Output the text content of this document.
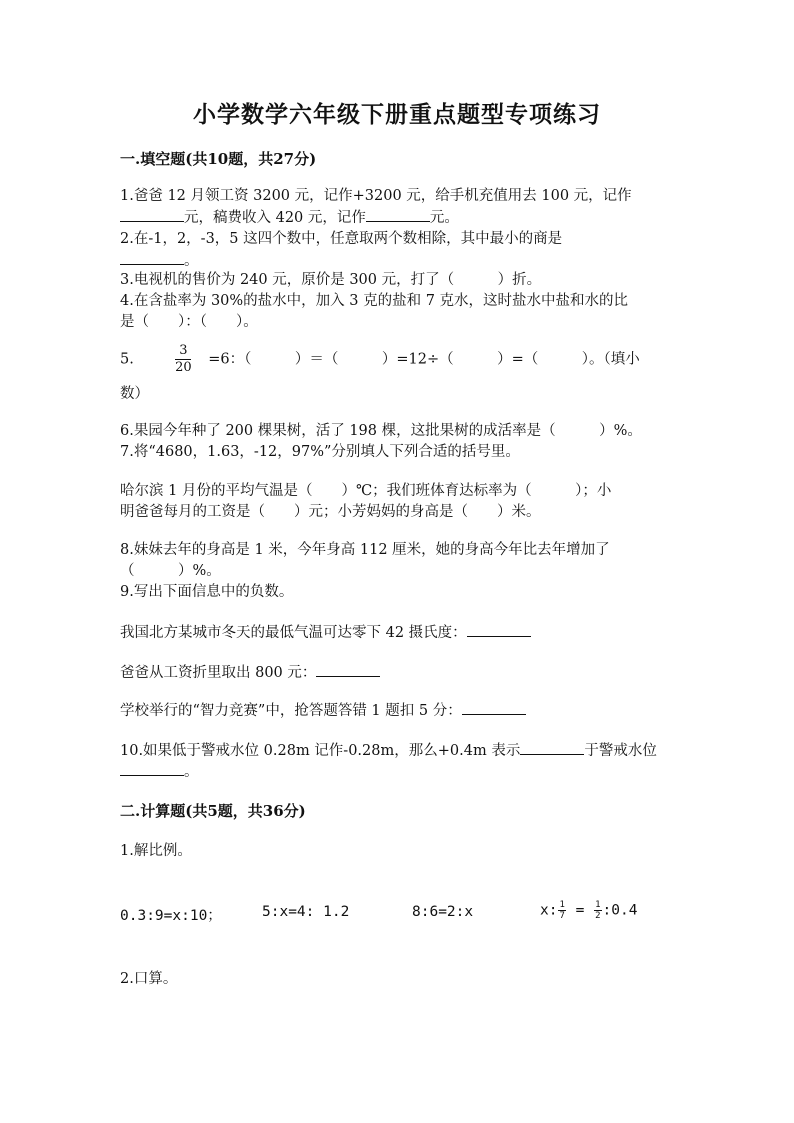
小学数学六年级下册重点题型专项练习
一.填空题(共10题，共27分)
1.爸爸 12 月领工资 3200 元，记作+3200 元，给手机充值用去 100 元，记作
元，稿费收入 420 元，记作	元。
2.在-1，2，-3，5 这四个数中，任意取两个数相除，其中最小的商是
。
3.电视机的售价为 240 元，原价是 300 元，打了（　　　）折。
4.在含盐率为 30%的盐水中，加入 3 克的盐和 7 克水，这时盐水中盐和水的比
是（　　）：（　　）。
5.	$\frac{3}{20} =6$：（　　　）＝（　　　）=12÷（　　　）=（　　　）。（填小
数）
6.果园今年种了 200 棵果树，活了 198 棵，这批果树的成活率是（　　　）%。
7.将“4680，1.63，-12，97%”分别填人下列合适的括号里。
哈尔滨 1 月份的平均气温是（　　）℃；我们班体育达标率为（　　　）；小
明爸爸每月的工资是（　　）元；小芳妈妈的身高是（　　）米。
8.妹妹去年的身高是 1 米，今年身高 112 厘米，她的身高今年比去年增加了
（　　　）%。
9.写出下面信息中的负数。
我国北方某城市冬天的最低气温可达零下 42 摄氏度：
爸爸从工资折里取出 800 元：
学校举行的“智力竞赛”中，抢答题答错 1 题扣 5 分：
10.如果低于警戒水位 0.28m 记作-0.28m，那么+0.4m 表示	于警戒水位
。
二.计算题(共5题，共36分)
1.解比例。
0.3:9=x:10；	5:x=4: 1.2	8:6=2:x	x: $\frac{1}{7} = \frac{1}{2}$ :0.4
2.口算。
